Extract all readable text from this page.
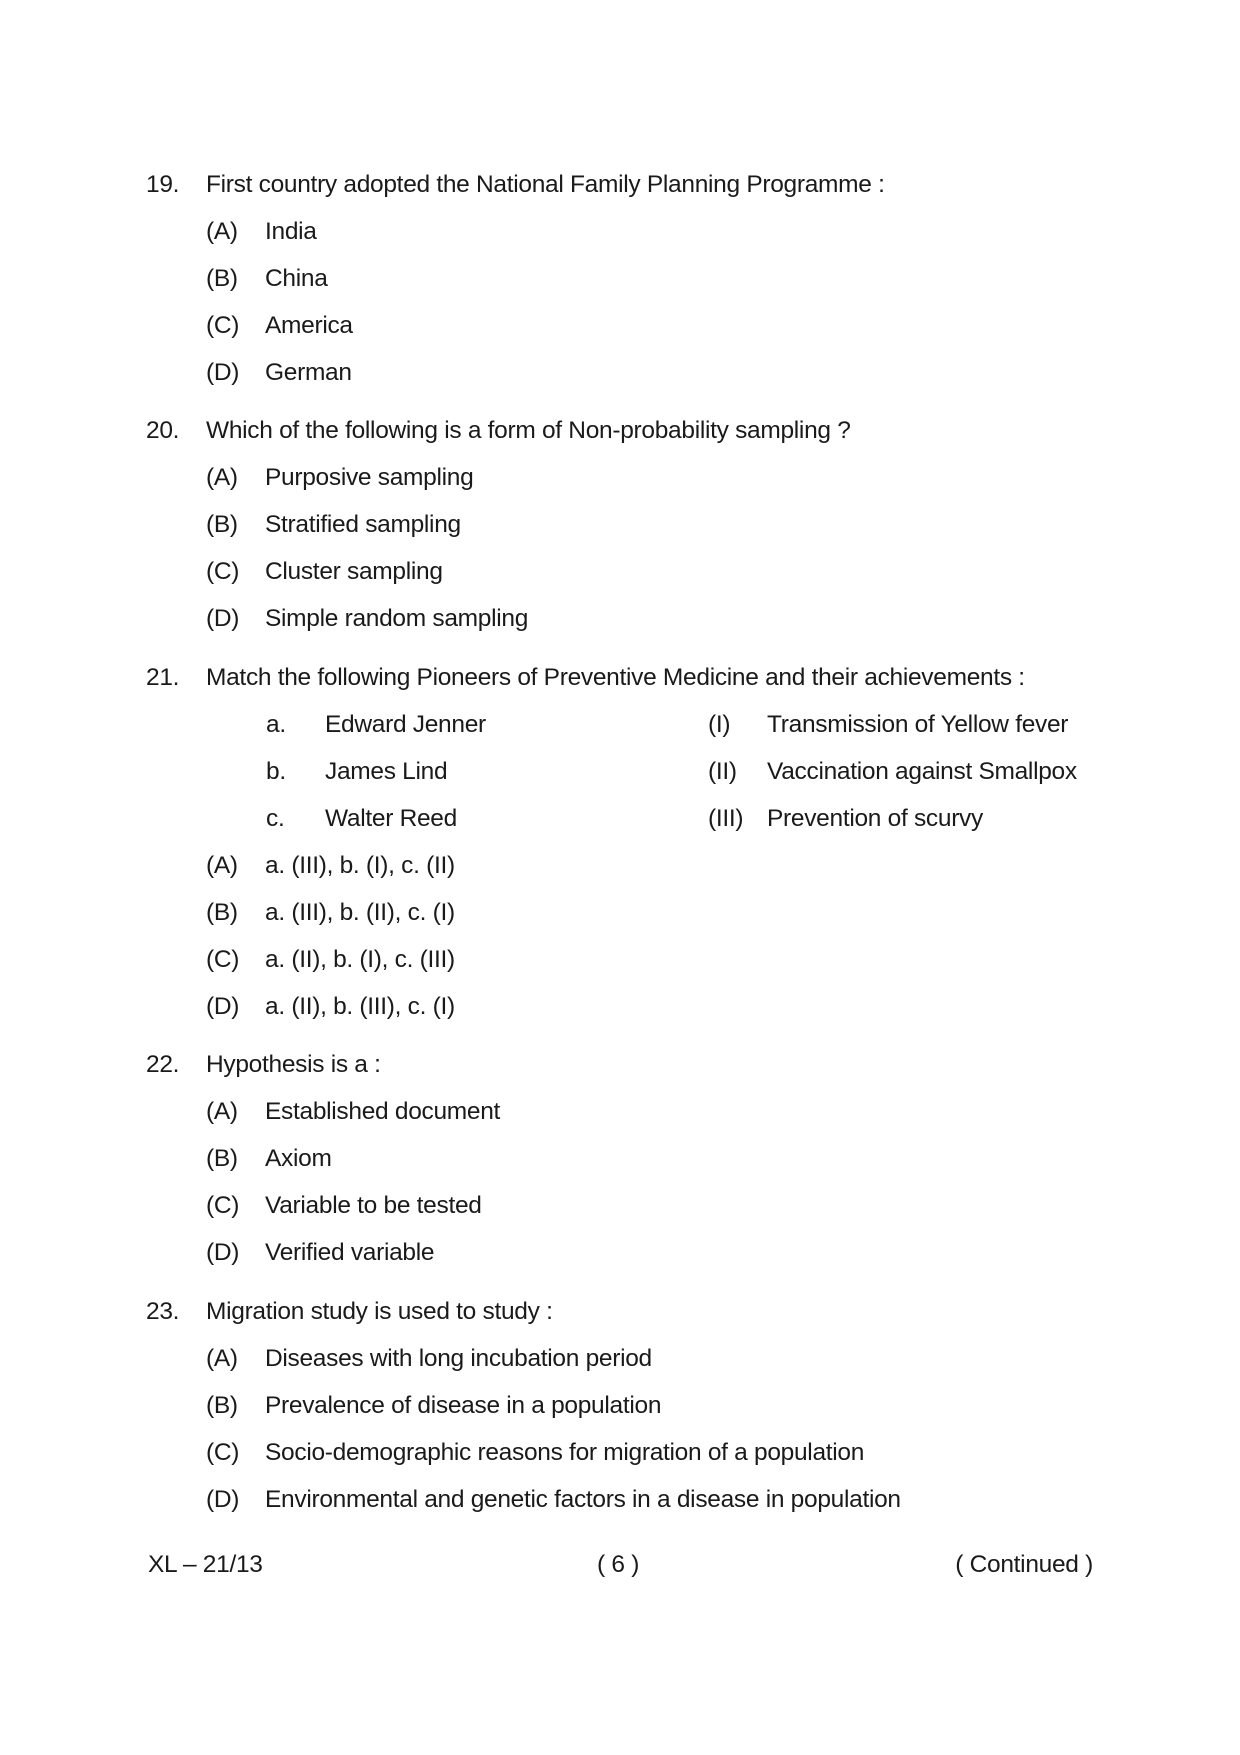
19. First country adopted the National Family Planning Programme :
(A) India
(B) China
(C) America
(D) German
20. Which of the following is a form of Non-probability sampling ?
(A) Purposive sampling
(B) Stratified sampling
(C) Cluster sampling
(D) Simple random sampling
21. Match the following Pioneers of Preventive Medicine and their achievements :
a. Edward Jenner	(I) Transmission of Yellow fever
b. James Lind	(II) Vaccination against Smallpox
c. Walter Reed	(III) Prevention of scurvy
(A) a. (III), b. (I), c. (II)
(B) a. (III), b. (II), c. (I)
(C) a. (II), b. (I), c. (III)
(D) a. (II), b. (III), c. (I)
22. Hypothesis is a :
(A) Established document
(B) Axiom
(C) Variable to be tested
(D) Verified variable
23. Migration study is used to study :
(A) Diseases with long incubation period
(B) Prevalence of disease in a population
(C) Socio-demographic reasons for migration of a population
(D) Environmental and genetic factors in a disease in population
XL – 21/13	( 6 )	( Continued )
